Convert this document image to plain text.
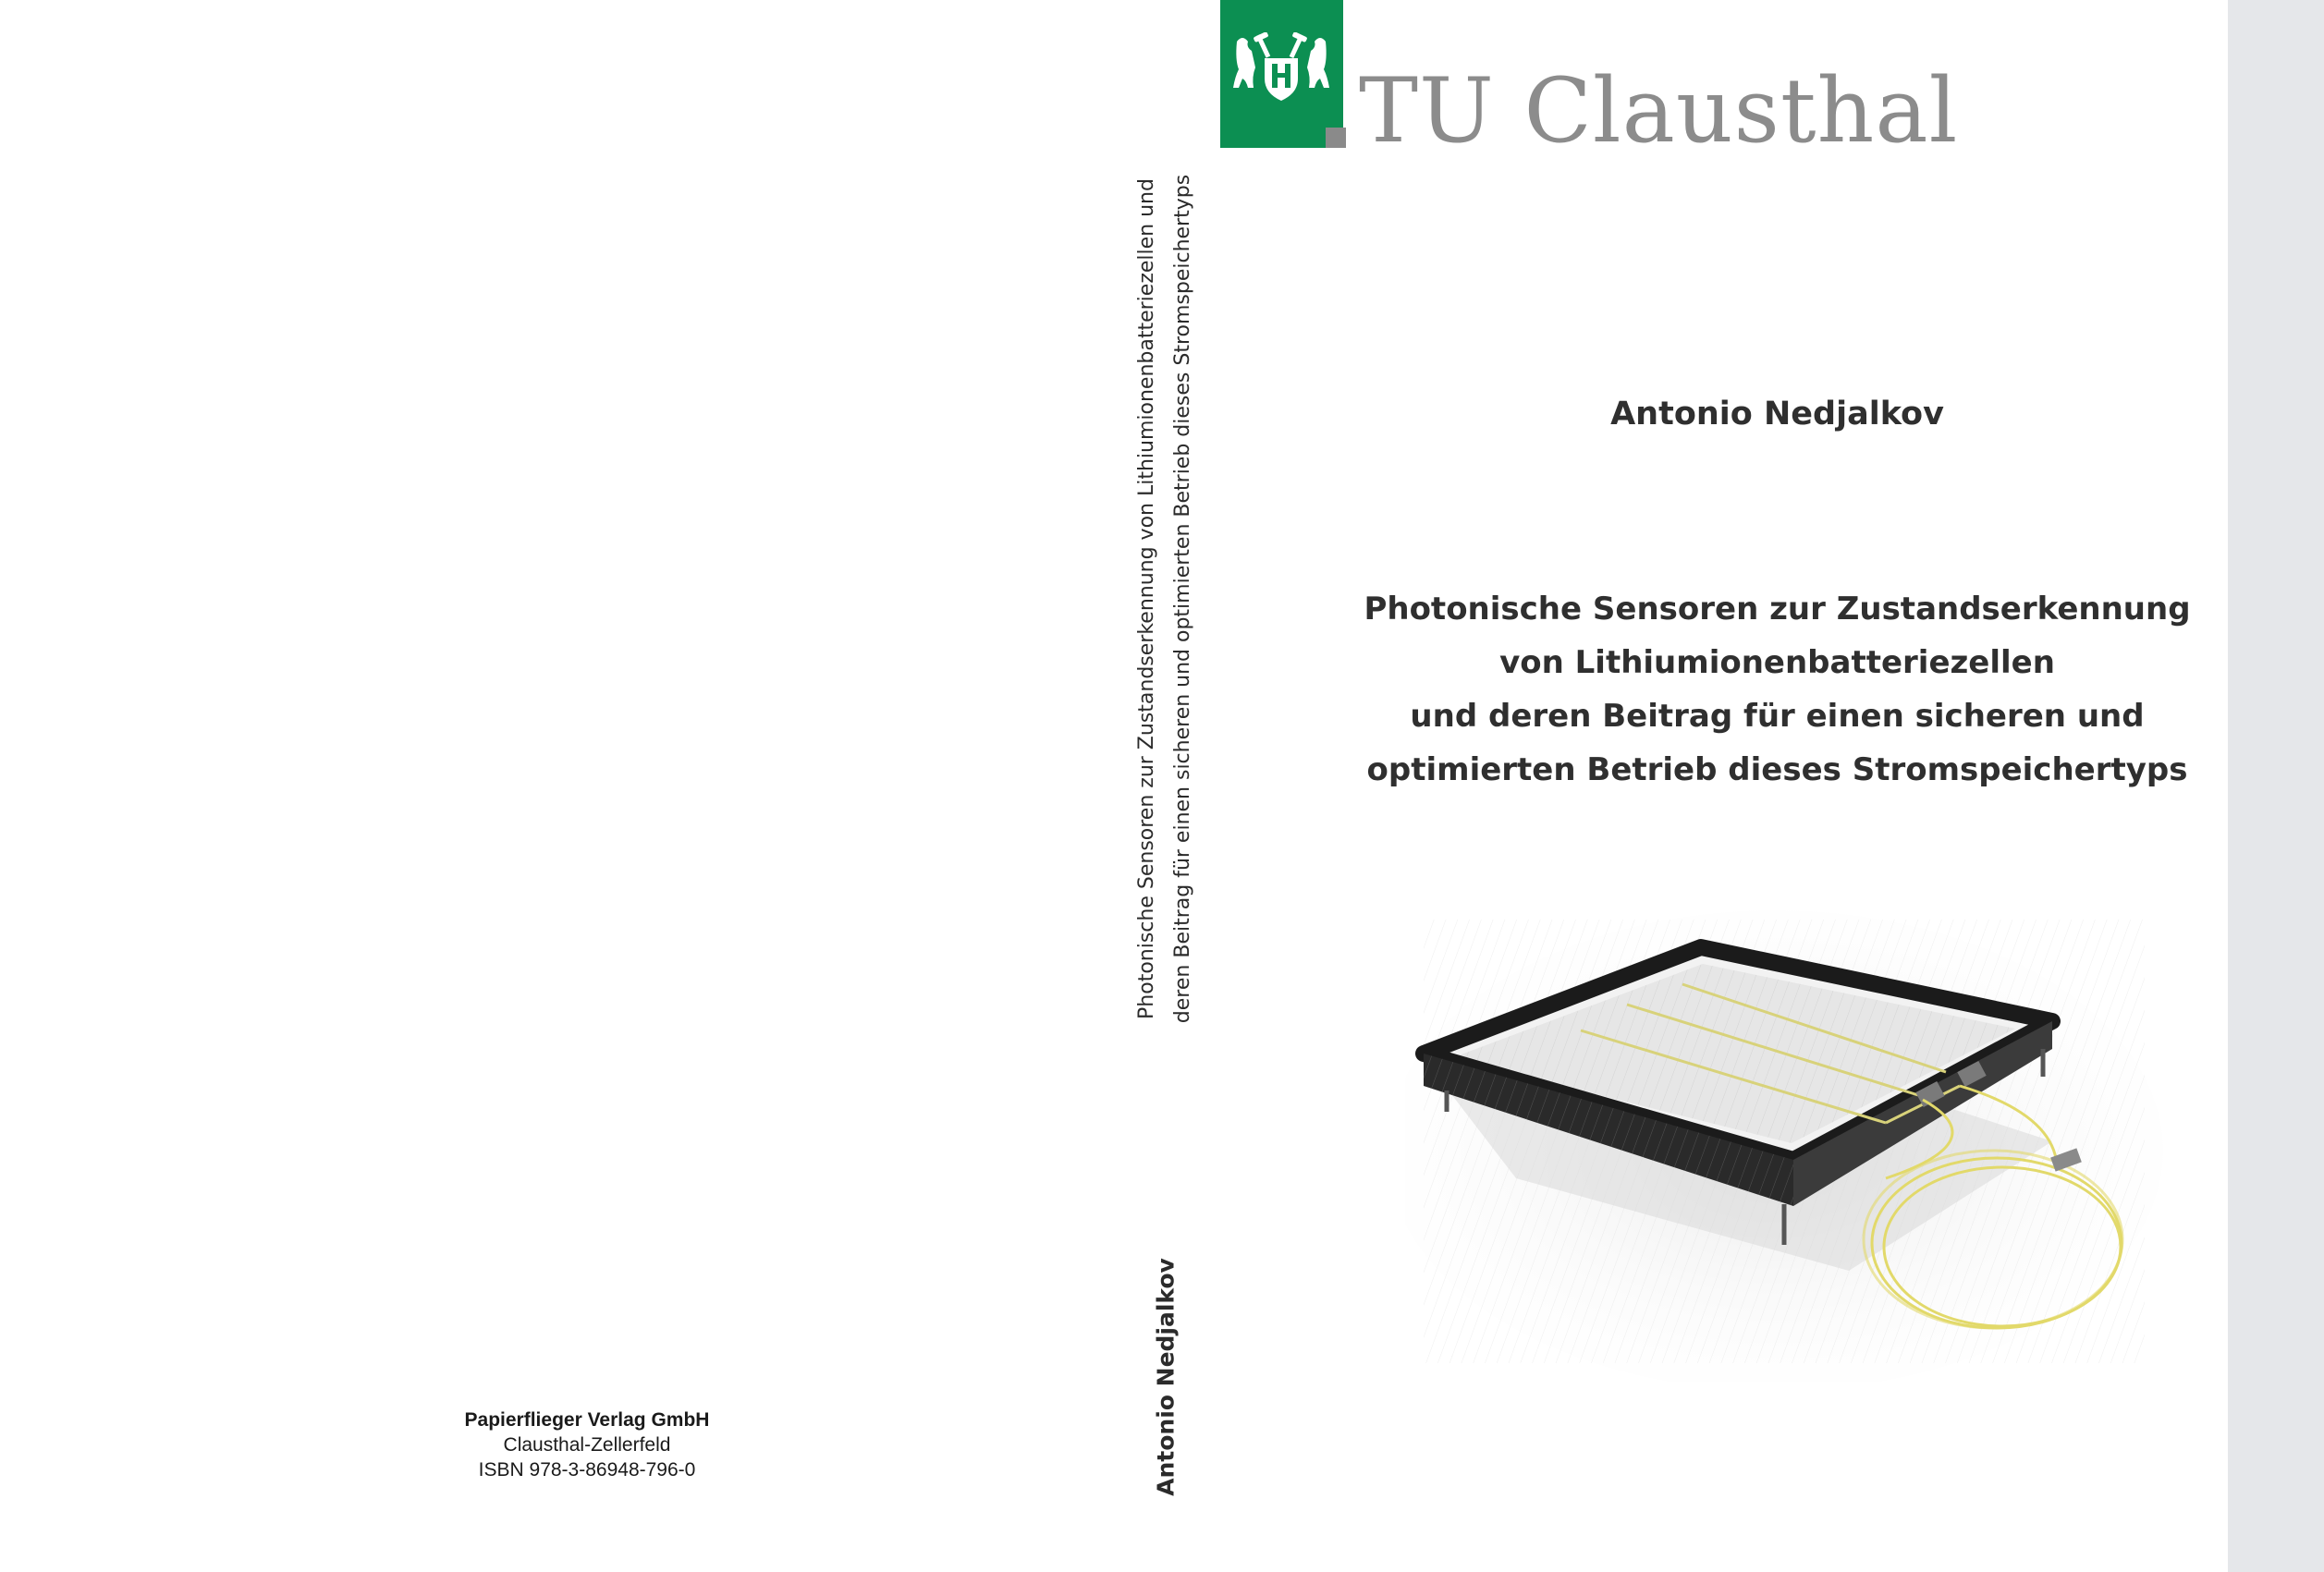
Papierflieger Verlag GmbH
Clausthal-Zellerfeld
ISBN 978-3-86948-796-0
Photonische Sensoren zur Zustandserkennung von Lithiumionenbatteriezellen und deren Beitrag für einen sicheren und optimierten Betrieb dieses Stromspeichertyps
Antonio Nedjalkov
TU Clausthal
Antonio Nedjalkov
Photonische Sensoren zur Zustandserkennung
von Lithiumionenbatteriezellen
und deren Beitrag für einen sicheren und
optimierten Betrieb dieses Stromspeichertyps
